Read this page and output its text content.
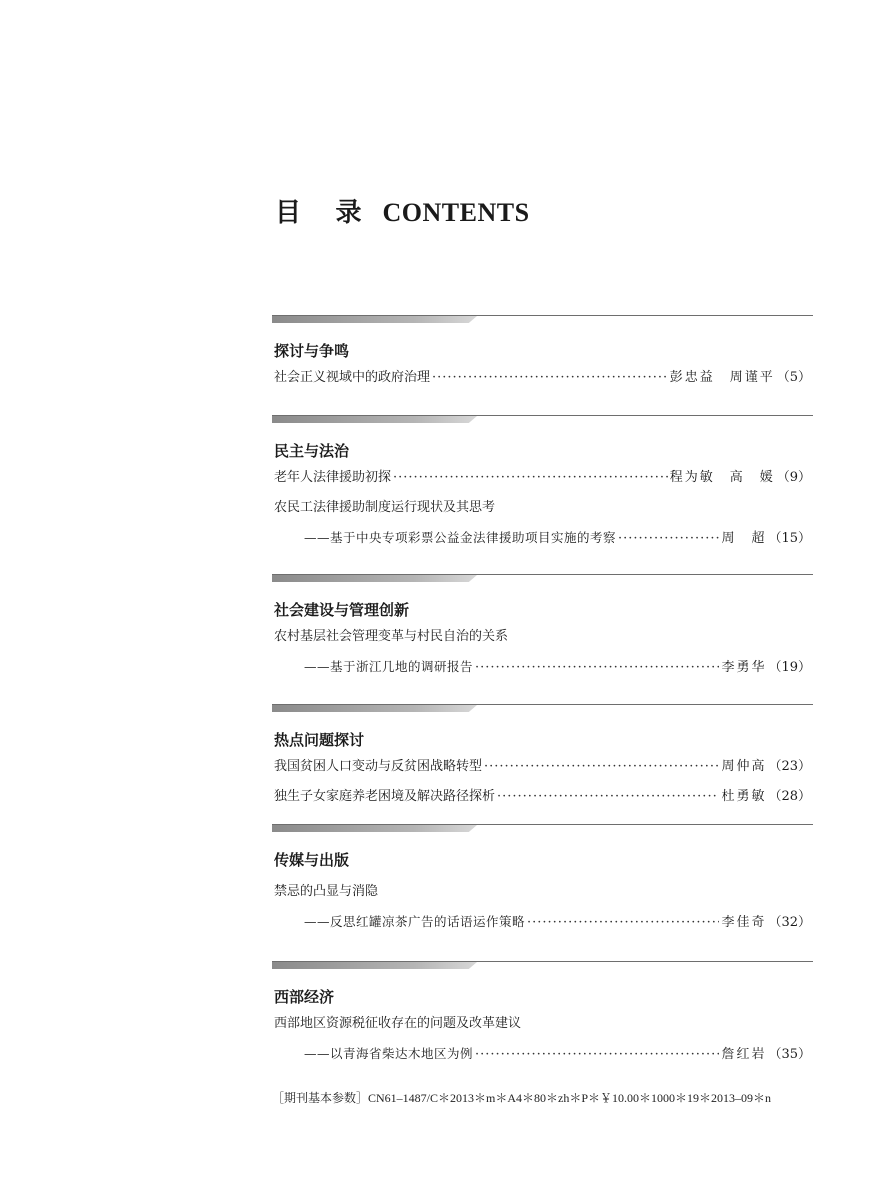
目 录 CONTENTS
探讨与争鸣
社会正义视域中的政府治理 ·····	彭忠益　周谨平 （5）
民主与法治
老年人法律援助初探 ·····	程为敏　高　媛 （9）
农民工法律援助制度运行现状及其思考
——基于中央专项彩票公益金法律援助项目实施的考察 ·····	周　超 （15）
社会建设与管理创新
农村基层社会管理变革与村民自治的关系
——基于浙江几地的调研报告 ·····	李勇华 （19）
热点问题探讨
我国贫困人口变动与反贫困战略转型 ·····	周仲高 （23）
独生子女家庭养老困境及解决路径探析 ·····	杜勇敏 （28）
传媒与出版
禁忌的凸显与消隐
——反思红罐凉茶广告的话语运作策略 ·····	李佳奇 （32）
西部经济
西部地区资源税征收存在的问题及改革建议
——以青海省柴达木地区为例 ·····	詹红岩 （35）
［期刊基本参数］CN61–1487/C＊2013＊m＊A4＊80＊zh＊P＊￥10.00＊1000＊19＊2013–09＊n
